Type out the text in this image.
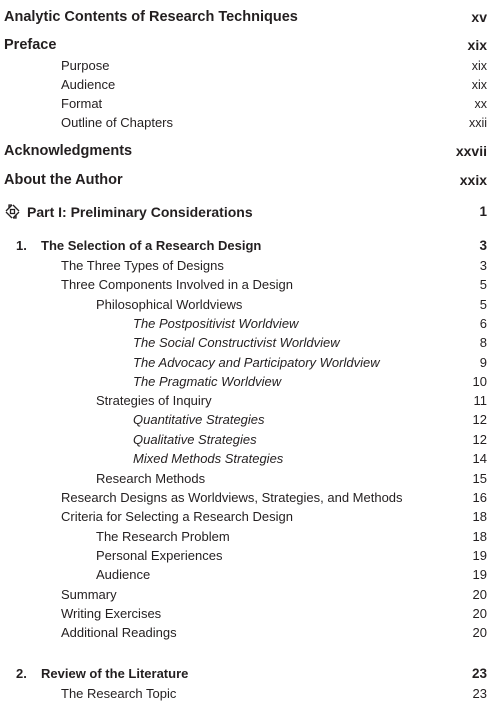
Analytic Contents of Research Techniques	xv
Preface	xix
Purpose	xix
Audience	xix
Format	xx
Outline of Chapters	xxii
Acknowledgments	xxvii
About the Author	xxix
Part I: Preliminary Considerations	1
1. The Selection of a Research Design	3
The Three Types of Designs	3
Three Components Involved in a Design	5
Philosophical Worldviews	5
The Postpositivist Worldview	6
The Social Constructivist Worldview	8
The Advocacy and Participatory Worldview	9
The Pragmatic Worldview	10
Strategies of Inquiry	11
Quantitative Strategies	12
Qualitative Strategies	12
Mixed Methods Strategies	14
Research Methods	15
Research Designs as Worldviews, Strategies, and Methods	16
Criteria for Selecting a Research Design	18
The Research Problem	18
Personal Experiences	19
Audience	19
Summary	20
Writing Exercises	20
Additional Readings	20
2. Review of the Literature	23
The Research Topic	23
